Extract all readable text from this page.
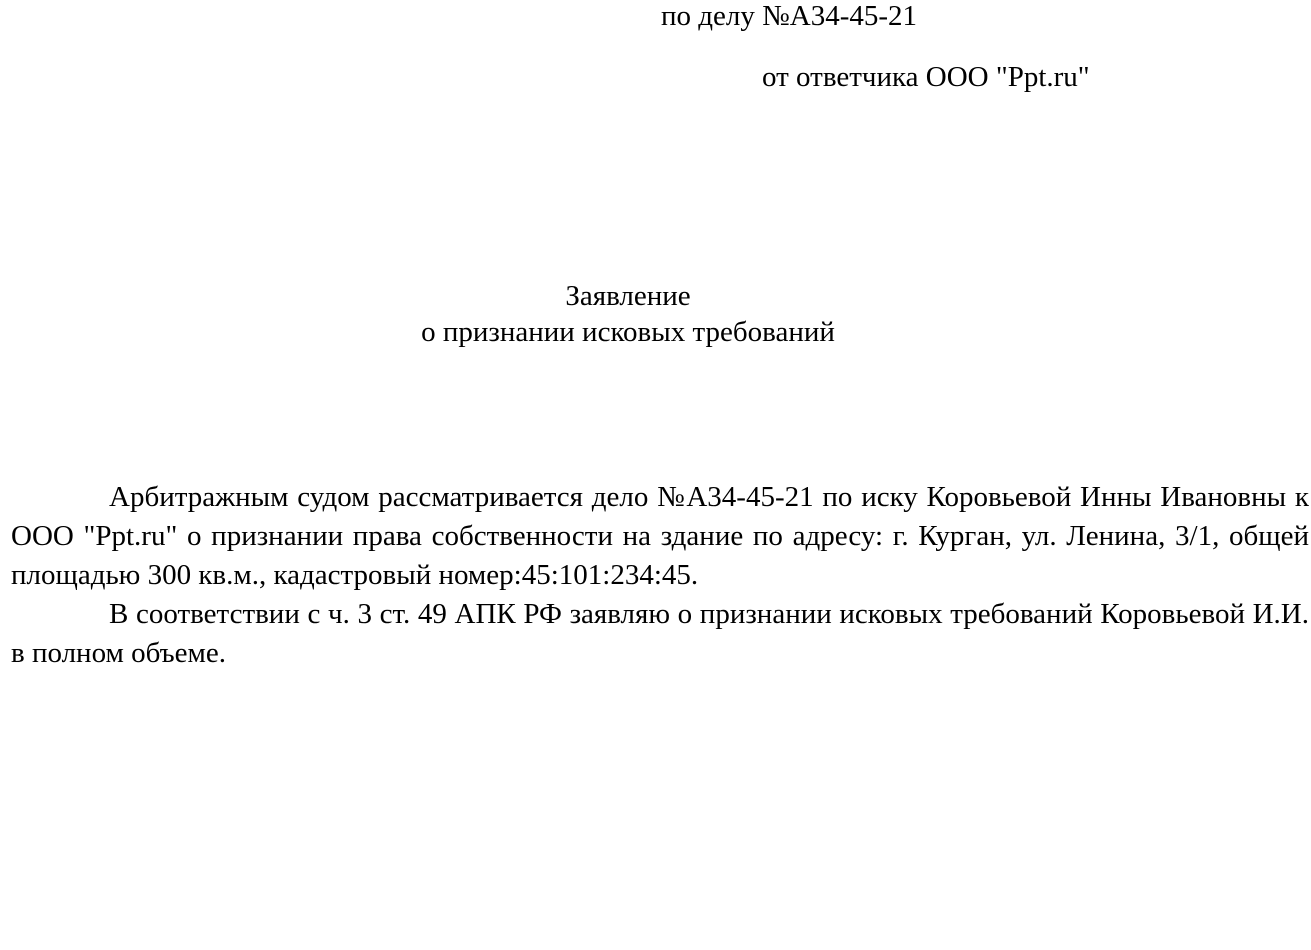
по делу №А34-45-21
от ответчика ООО "Ppt.ru"
Заявление
о признании исковых требований

Арбитражным судом рассматривается дело №А34-45-21 по иску Коровьевой Инны Ивановны к ООО "Ppt.ru" о признании права собственности на здание по адресу: г. Курган, ул. Ленина, 3/1, общей площадью 300 кв.м., кадастровый номер:45:101:234:45.

В соответствии с ч. 3 ст. 49 АПК РФ заявляю о признании исковых требований Коровьевой И.И. в полном объеме.
